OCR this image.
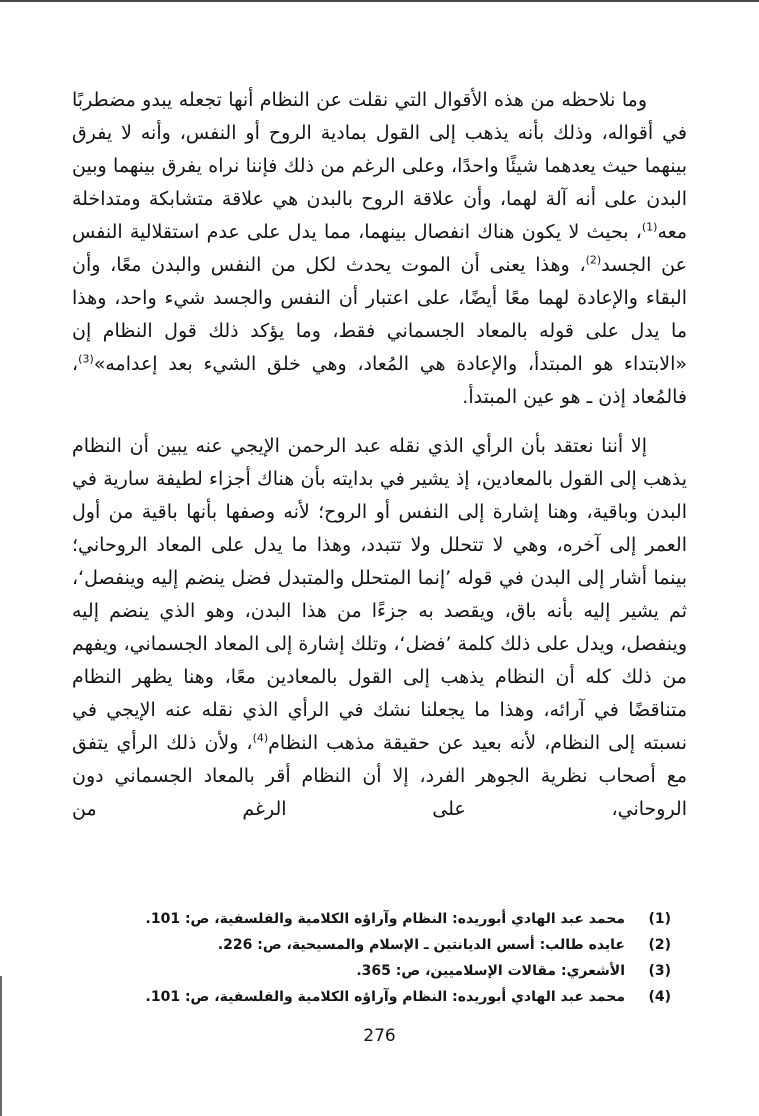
وما نلاحظه من هذه الأقوال التي نقلت عن النظام أنها تجعله يبدو مضطربًا في أقواله، وذلك بأنه يذهب إلى القول بمادية الروح أو النفس، وأنه لا يفرق بينهما حيث يعدهما شيئًا واحدًا، وعلى الرغم من ذلك فإننا نراه يفرق بينهما وبين البدن على أنه آلة لهما، وأن علاقة الروح بالبدن هي علاقة متشابكة ومتداخلة معه$^{(1)}$، بحيث لا يكون هناك انفصال بينهما، مما يدل على عدم استقلالية النفس عن الجسد$^{(2)}$، وهذا يعنى أن الموت يحدث لكل من النفس والبدن معًا، وأن البقاء والإعادة لهما معًا أيضًا، على اعتبار أن النفس والجسد شيء واحد، وهذا ما يدل على قوله بالمعاد الجسماني فقط، وما يؤكد ذلك قول النظام إن «الابتداء هو المبتدأ، والإعادة هي المُعاد، وهي خلق الشيء بعد إعدامه»$^{(3)}$، فالمُعاد إذن ـ هو عين المبتدأ.

إلا أننا نعتقد بأن الرأي الذي نقله عبد الرحمن الإيجي عنه يبين أن النظام يذهب إلى القول بالمعادين، إذ يشير في بدايته بأن هناك أجزاء لطيفة سارية في البدن وباقية، وهنا إشارة إلى النفس أو الروح؛ لأنه وصفها بأنها باقية من أول العمر إلى آخره، وهي لا تتحلل ولا تتبدد، وهذا ما يدل على المعاد الروحاني؛ بينما أشار إلى البدن في قوله ’إنما المتحلل والمتبدل فضل ينضم إليه وينفصل‘، ثم يشير إليه بأنه باق، ويقصد به جزءًا من هذا البدن، وهو الذي ينضم إليه وينفصل، ويدل على ذلك كلمة ’فضل‘، وتلك إشارة إلى المعاد الجسماني، ويفهم من ذلك كله أن النظام يذهب إلى القول بالمعادين معًا، وهنا يظهر النظام متناقضًا في آرائه، وهذا ما يجعلنا نشك في الرأي الذي نقله عنه الإيجي في نسبته إلى النظام، لأنه بعيد عن حقيقة مذهب النظام$^{(4)}$، ولأن ذلك الرأي يتفق مع أصحاب نظرية الجوهر الفرد، إلا أن النظام أقر بالمعاد الجسماني دون الروحاني، على الرغم من

(1)
محمد عبد الهادي أبوريده: النظام وآراؤه الكلامية والفلسفية، ص: 101.
(2)
عايده طالب: أسس الديانتين ـ الإسلام والمسيحية، ص: 226.
(3)
الأشعري: مقالات الإسلاميين، ص: 365.
(4)
محمد عبد الهادي أبوريده: النظام وآراؤه الكلامية والفلسفية، ص: 101.
276
